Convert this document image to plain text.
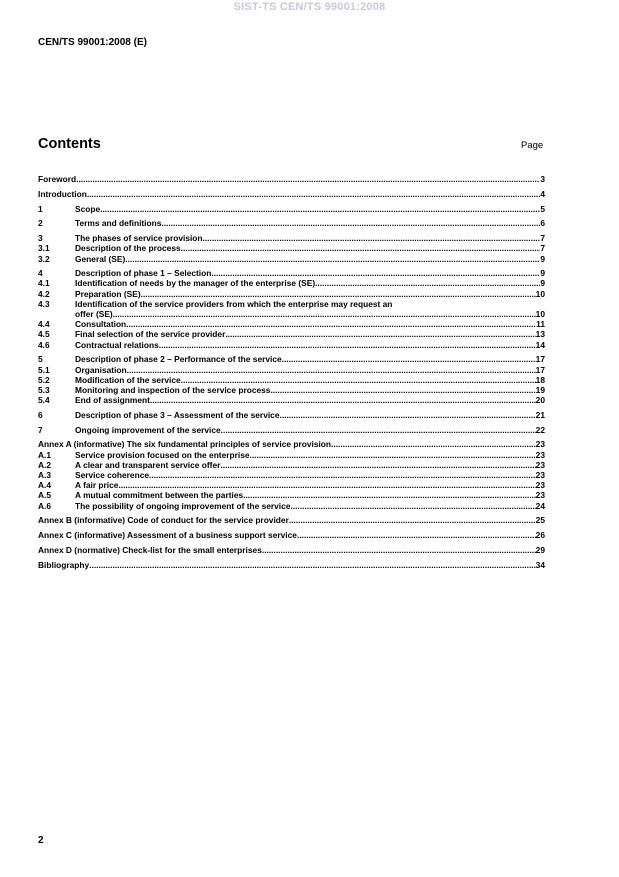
SIST-TS CEN/TS 99001:2008
CEN/TS 99001:2008 (E)
Contents	Page
Foreword .....	3
Introduction .....	4
1	Scope .....	5
2	Terms and definitions .....	6
3	The phases of service provision .....	7
3.1	Description of the process .....	7
3.2	General (SE) .....	9
4	Description of phase 1 – Selection .....	9
4.1	Identification of needs by the manager of the enterprise (SE) .....	9
4.2	Preparation (SE) .....	10
4.3	Identification of the service providers from which the enterprise may request an
offer (SE) .....	10
4.4	Consultation .....	11
4.5	Final selection of the service provider .....	13
4.6	Contractual relations .....	14
5	Description of phase 2 – Performance of the service .....	17
5.1	Organisation .....	17
5.2	Modification of the service .....	18
5.3	Monitoring and inspection of the service process .....	19
5.4	End of assignment .....	20
6	Description of phase 3 – Assessment of the service .....	21
7	Ongoing improvement of the service .....	22
Annex A (informative) The six fundamental principles of service provision .....	23
A.1	Service provision focused on the enterprise .....	23
A.2	A clear and transparent service offer .....	23
A.3	Service coherence .....	23
A.4	A fair price .....	23
A.5	A mutual commitment between the parties .....	23
A.6	The possibility of ongoing improvement of the service .....	24
Annex B (informative) Code of conduct for the service provider .....	25
Annex C (informative) Assessment of a business support service .....	26
Annex D (normative) Check-list for the small enterprises .....	29
Bibliography .....	34
2
